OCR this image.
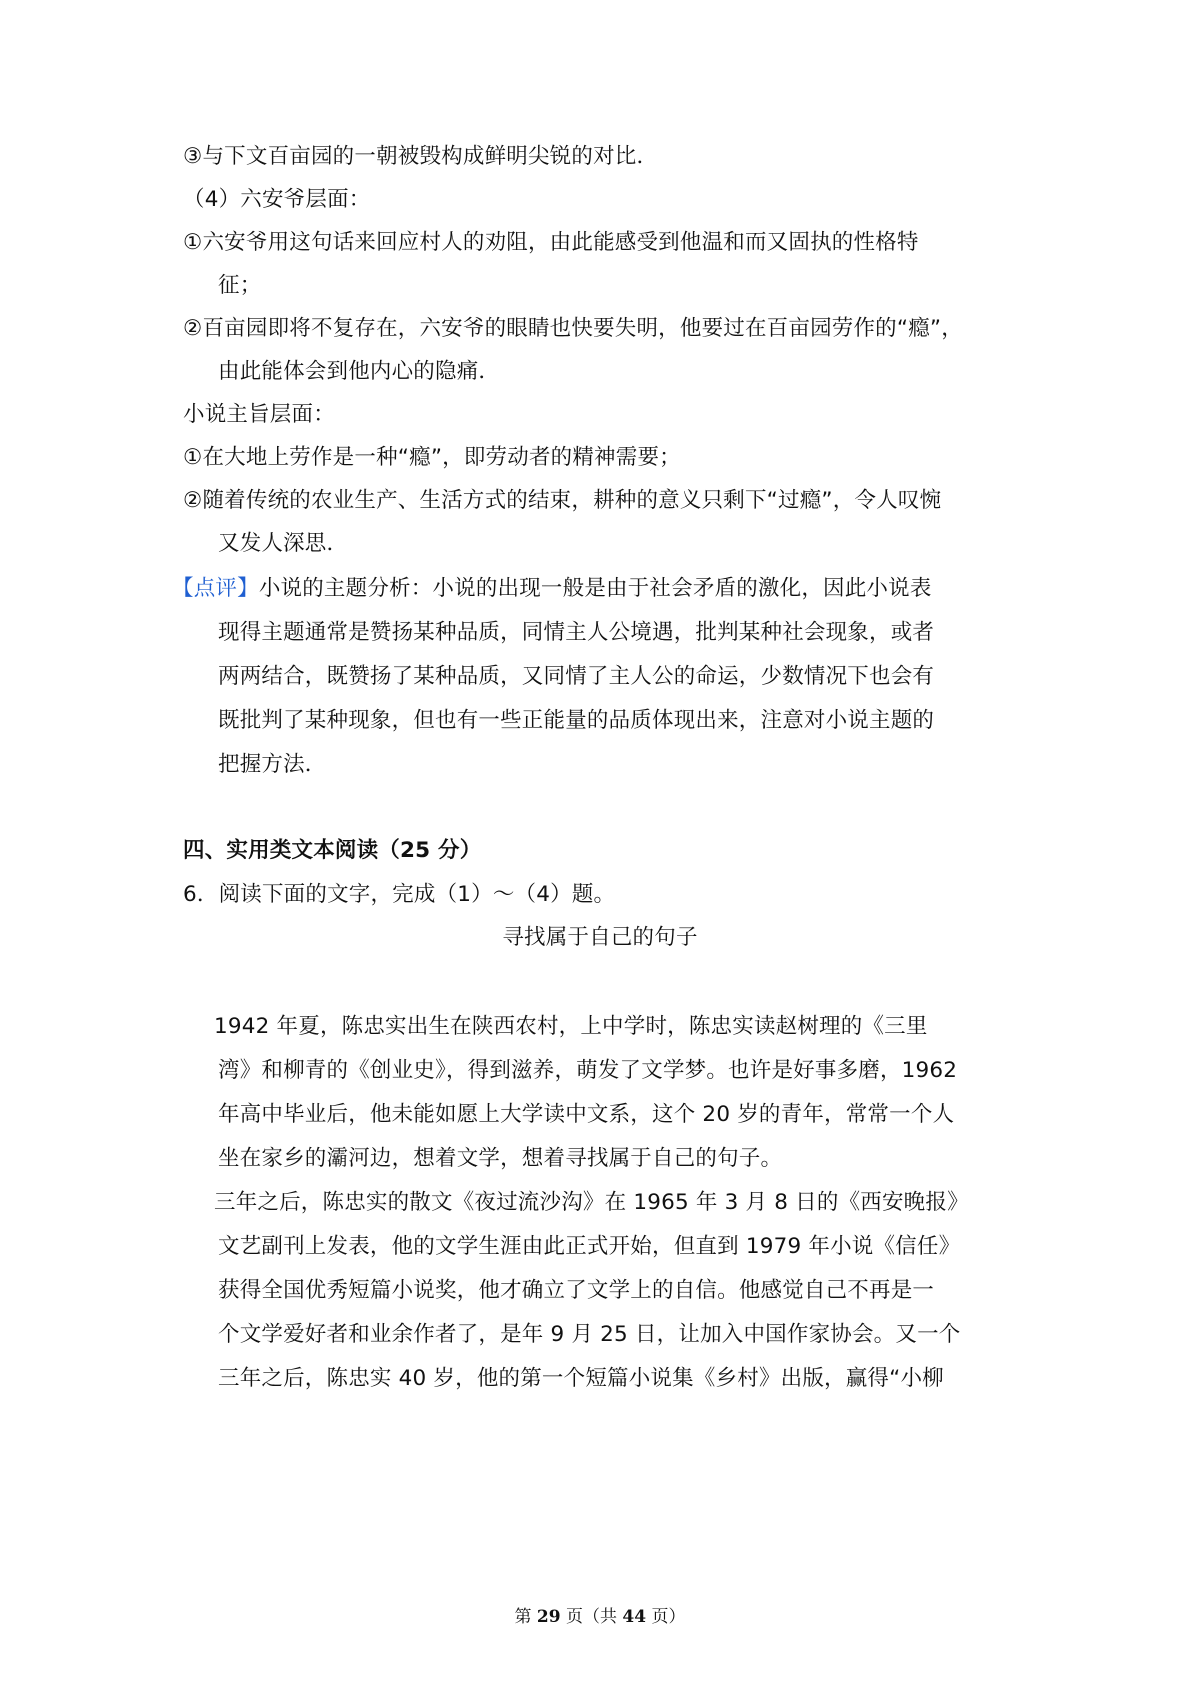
③与下文百亩园的一朝被毁构成鲜明尖锐的对比．
（4）六安爷层面：
①六安爷用这句话来回应村人的劝阻，由此能感受到他温和而又固执的性格特
征；
②百亩园即将不复存在，六安爷的眼睛也快要失明，他要过在百亩园劳作的“瘾”，
由此能体会到他内心的隐痛．
小说主旨层面：
①在大地上劳作是一种“瘾”，即劳动者的精神需要；
②随着传统的农业生产、生活方式的结束，耕种的意义只剩下“过瘾”，令人叹惋
又发人深思．
【点评】小说的主题分析：小说的出现一般是由于社会矛盾的激化，因此小说表
现得主题通常是赞扬某种品质，同情主人公境遇，批判某种社会现象，或者
两两结合，既赞扬了某种品质，又同情了主人公的命运，少数情况下也会有
既批判了某种现象，但也有一些正能量的品质体现出来，注意对小说主题的
把握方法．
四、实用类文本阅读（25 分）
6．阅读下面的文字，完成（1）～（4）题。
寻找属于自己的句子
1942 年夏，陈忠实出生在陕西农村，上中学时，陈忠实读赵树理的《三里
湾》和柳青的《创业史》，得到滋养，萌发了文学梦。也许是好事多磨，1962
年高中毕业后，他未能如愿上大学读中文系，这个 20 岁的青年，常常一个人
坐在家乡的灞河边，想着文学，想着寻找属于自己的句子。
三年之后，陈忠实的散文《夜过流沙沟》在 1965 年 3 月 8 日的《西安晚报》
文艺副刊上发表，他的文学生涯由此正式开始，但直到 1979 年小说《信任》
获得全国优秀短篇小说奖，他才确立了文学上的自信。他感觉自己不再是一
个文学爱好者和业余作者了，是年 9 月 25 日，让加入中国作家协会。又一个
三年之后，陈忠实 40 岁，他的第一个短篇小说集《乡村》出版，赢得“小柳
第 29 页（共 44 页）
